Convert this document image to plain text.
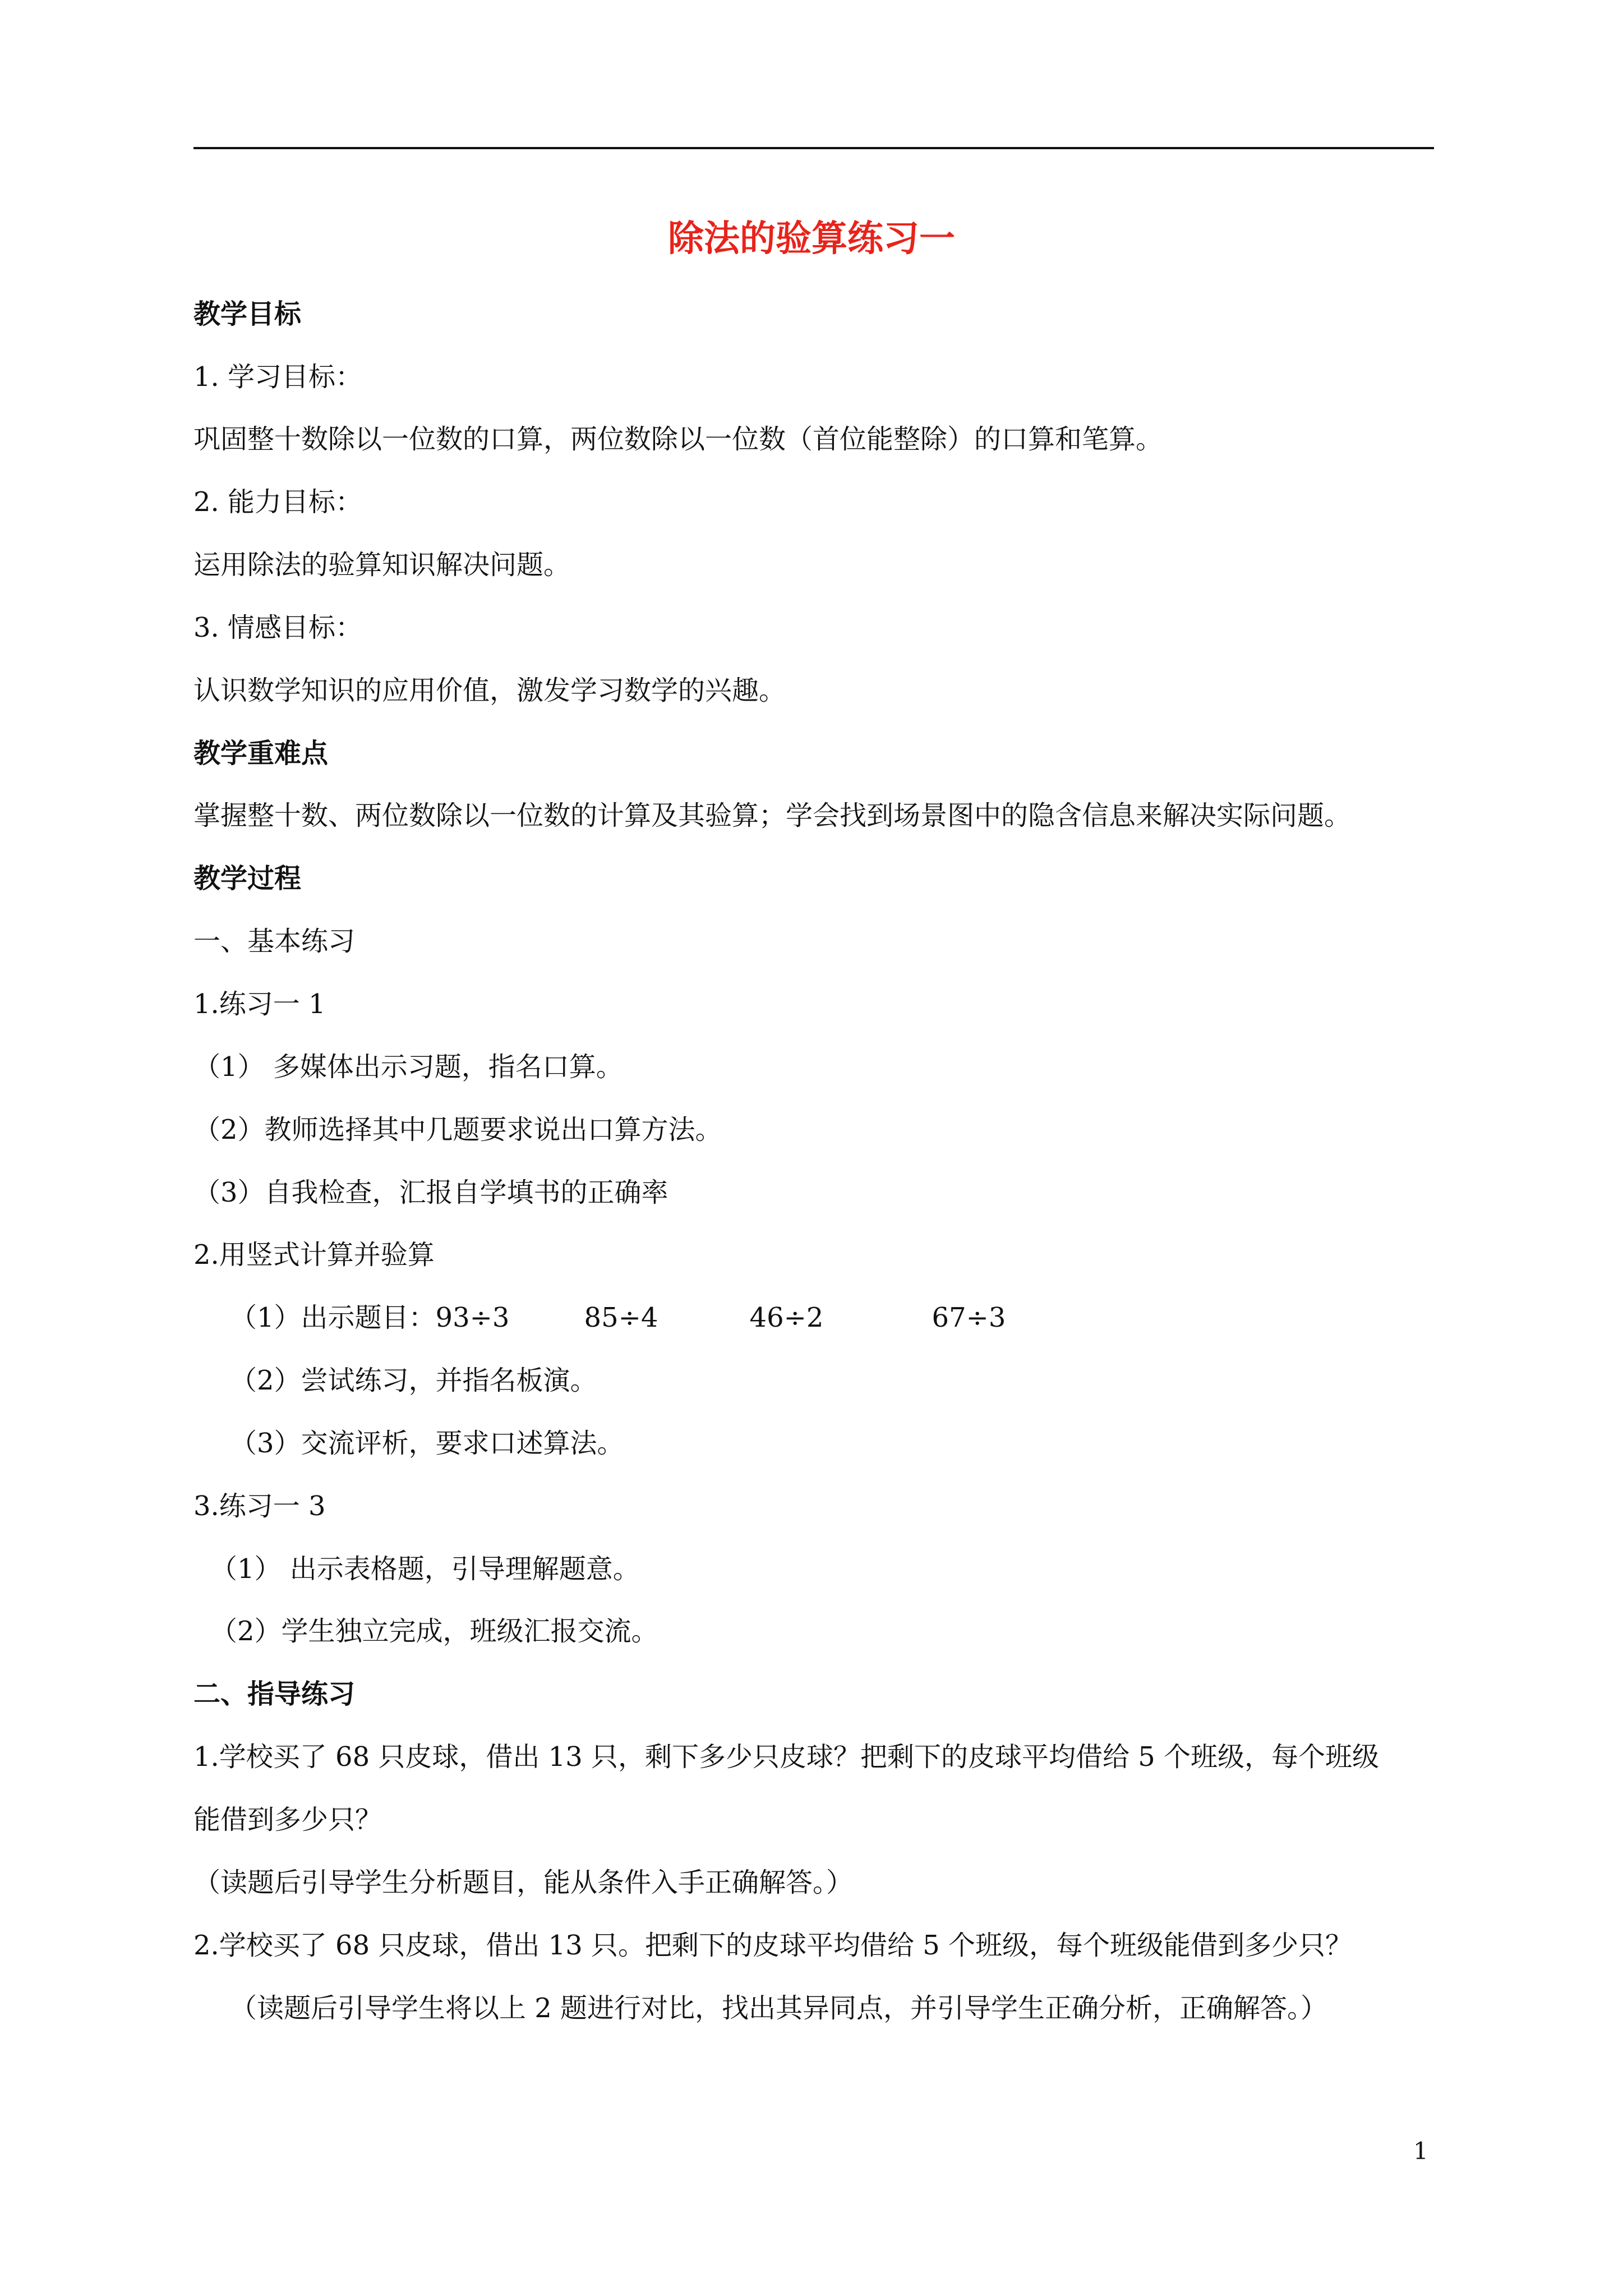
除法的验算练习一
教学目标
1. 学习目标：
巩固整十数除以一位数的口算，两位数除以一位数（首位能整除）的口算和笔算。
2. 能力目标：
运用除法的验算知识解决问题。
3. 情感目标：
认识数学知识的应用价值，激发学习数学的兴趣。
教学重难点
掌握整十数、两位数除以一位数的计算及其验算；学会找到场景图中的隐含信息来解决实际问题。
教学过程
一、基本练习
1.练习一 1
（1） 多媒体出示习题，指名口算。
（2）教师选择其中几题要求说出口算方法。
（3）自我检查，汇报自学填书的正确率
2.用竖式计算并验算
（1）出示题目：93÷3	85÷4	46÷2	67÷3
（2）尝试练习，并指名板演。
（3）交流评析，要求口述算法。
3.练习一 3
（1） 出示表格题，引导理解题意。
（2）学生独立完成，班级汇报交流。
二、指导练习
1.学校买了 68 只皮球，借出 13 只，剩下多少只皮球？把剩下的皮球平均借给 5 个班级，每个班级
能借到多少只？
（读题后引导学生分析题目，能从条件入手正确解答。）
2.学校买了 68 只皮球，借出 13 只。把剩下的皮球平均借给 5 个班级，每个班级能借到多少只？
（读题后引导学生将以上 2 题进行对比，找出其异同点，并引导学生正确分析，正确解答。）
1
